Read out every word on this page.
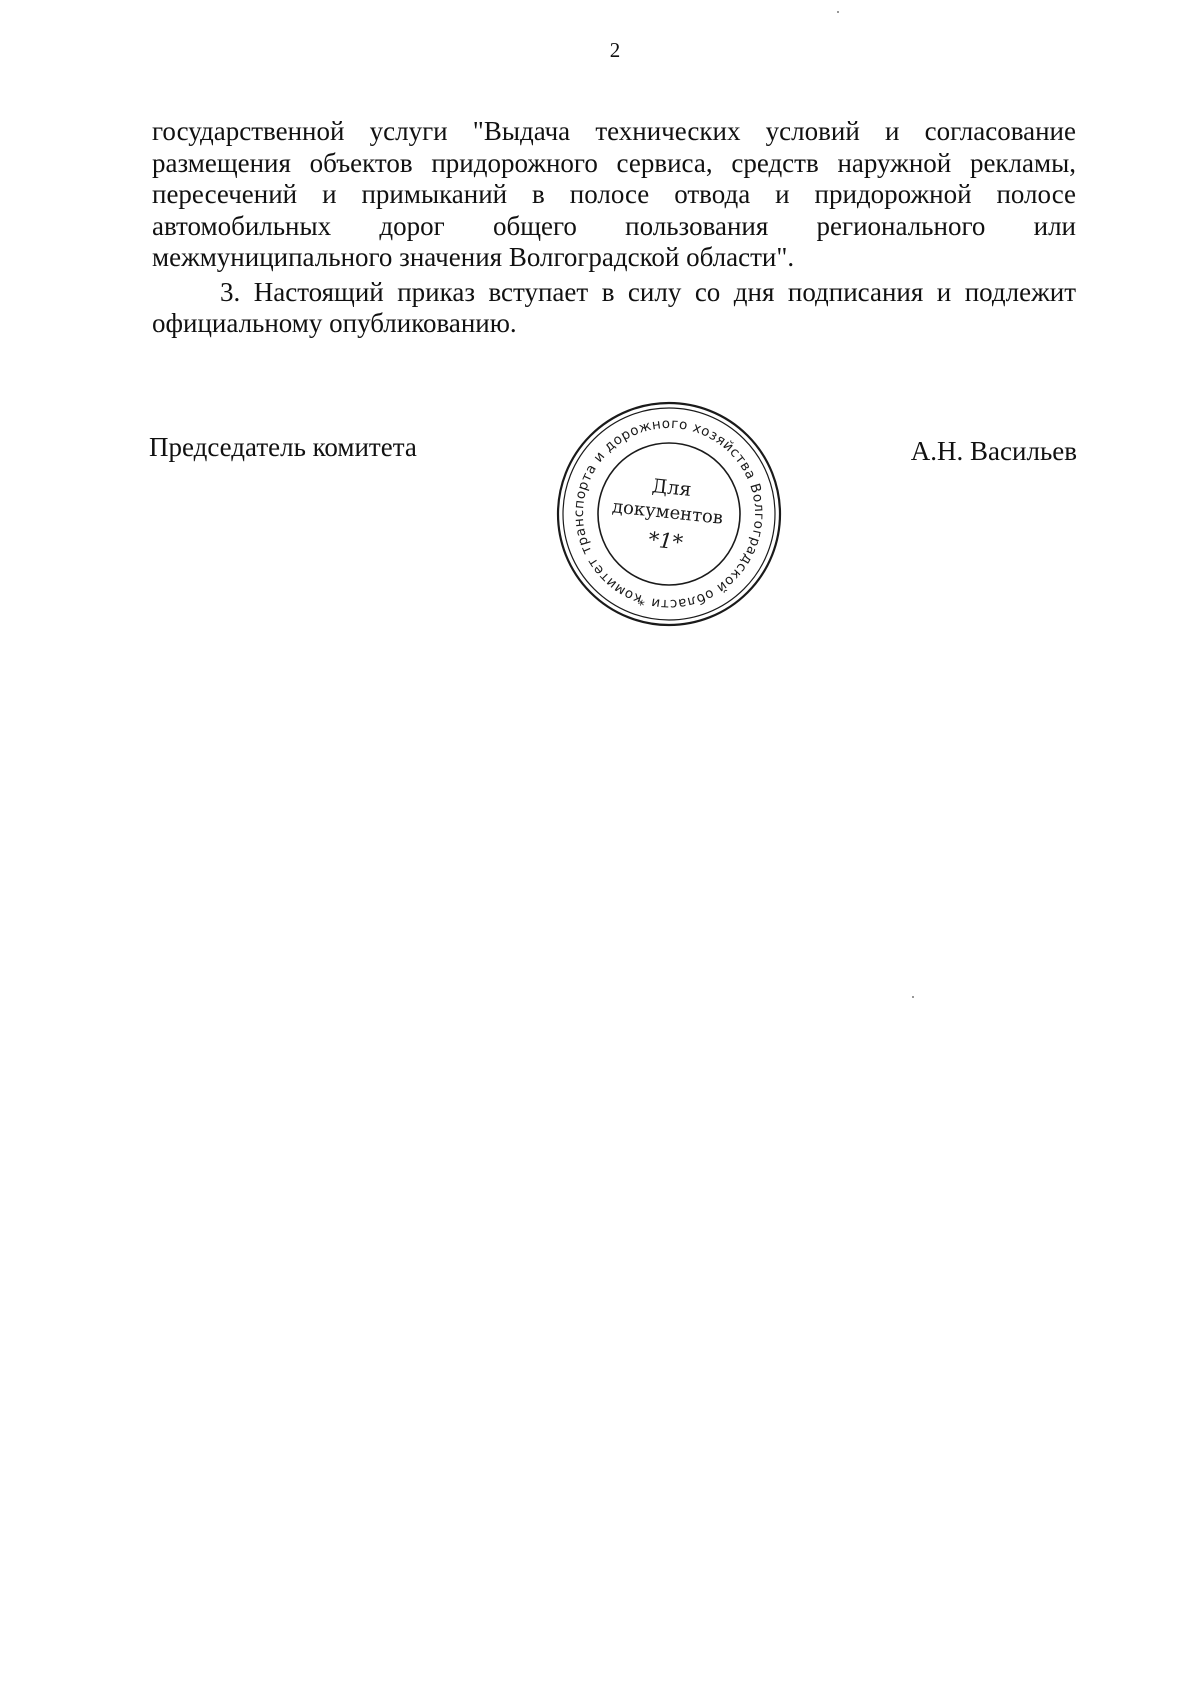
2

государственной услуги "Выдача технических условий и согласование размещения объектов придорожного сервиса, средств наружной рекламы, пересечений и примыканий в полосе отвода и придорожной полосе автомобильных дорог общего пользования регионального или межмуниципального значения Волгоградской области".

3. Настоящий приказ вступает в силу со дня подписания и подлежит официальному опубликованию.

Председатель комитета	А.Н. Васильев
комитет транспорта и дорожного хозяйства Волгоградской области *
Для
документов
*1*
